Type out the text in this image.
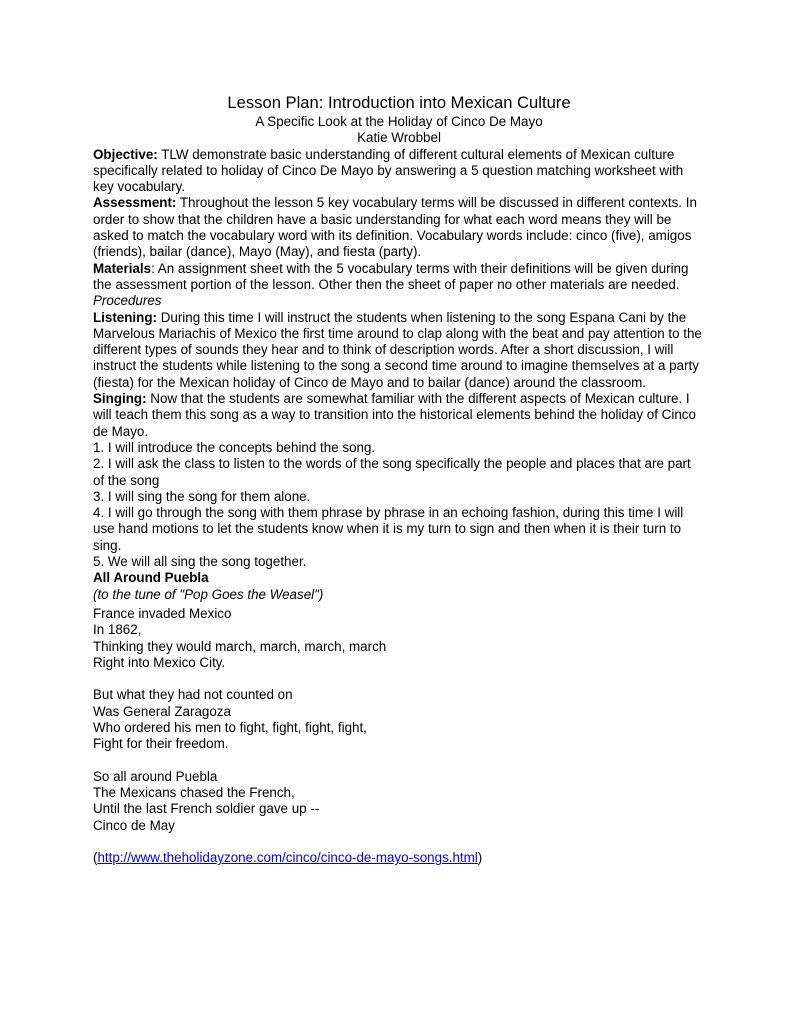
Lesson Plan: Introduction into Mexican Culture
A Specific Look at the Holiday of Cinco De Mayo
Katie Wrobbel

Objective: TLW demonstrate basic understanding of different cultural elements of Mexican culture specifically related to holiday of Cinco De Mayo by answering a 5 question matching worksheet with key vocabulary.

Assessment: Throughout the lesson 5 key vocabulary terms will be discussed in different contexts. In order to show that the children have a basic understanding for what each word means they will be asked to match the vocabulary word with its definition. Vocabulary words include: cinco (five), amigos (friends), bailar (dance), Mayo (May), and fiesta (party).

Materials: An assignment sheet with the 5 vocabulary terms with their definitions will be given during the assessment portion of the lesson. Other then the sheet of paper no other materials are needed.

Procedures

Listening: During this time I will instruct the students when listening to the song Espana Cani by the Marvelous Mariachis of Mexico the first time around to clap along with the beat and pay attention to the different types of sounds they hear and to think of description words. After a short discussion, I will instruct the students while listening to the song a second time around to imagine themselves at a party (fiesta) for the Mexican holiday of Cinco de Mayo and to bailar (dance) around the classroom.

Singing: Now that the students are somewhat familiar with the different aspects of Mexican culture. I will teach them this song as a way to transition into the historical elements behind the holiday of Cinco de Mayo.

1. I will introduce the concepts behind the song.

2. I will ask the class to listen to the words of the song specifically the people and places that are part of the song

3. I will sing the song for them alone.

4. I will go through the song with them phrase by phrase in an echoing fashion, during this time I will use hand motions to let the students know when it is my turn to sign and then when it is their turn to sing.

5. We will all sing the song together.

All Around Puebla

(to the tune of "Pop Goes the Weasel")

France invaded Mexico

In 1862,

Thinking they would march, march, march, march

Right into Mexico City.

But what they had not counted on

Was General Zaragoza

Who ordered his men to fight, fight, fight, fight,

Fight for their freedom.

So all around Puebla

The Mexicans chased the French,

Until the last French soldier gave up --

Cinco de May

(http://www.theholidayzone.com/cinco/cinco-de-mayo-songs.html)
